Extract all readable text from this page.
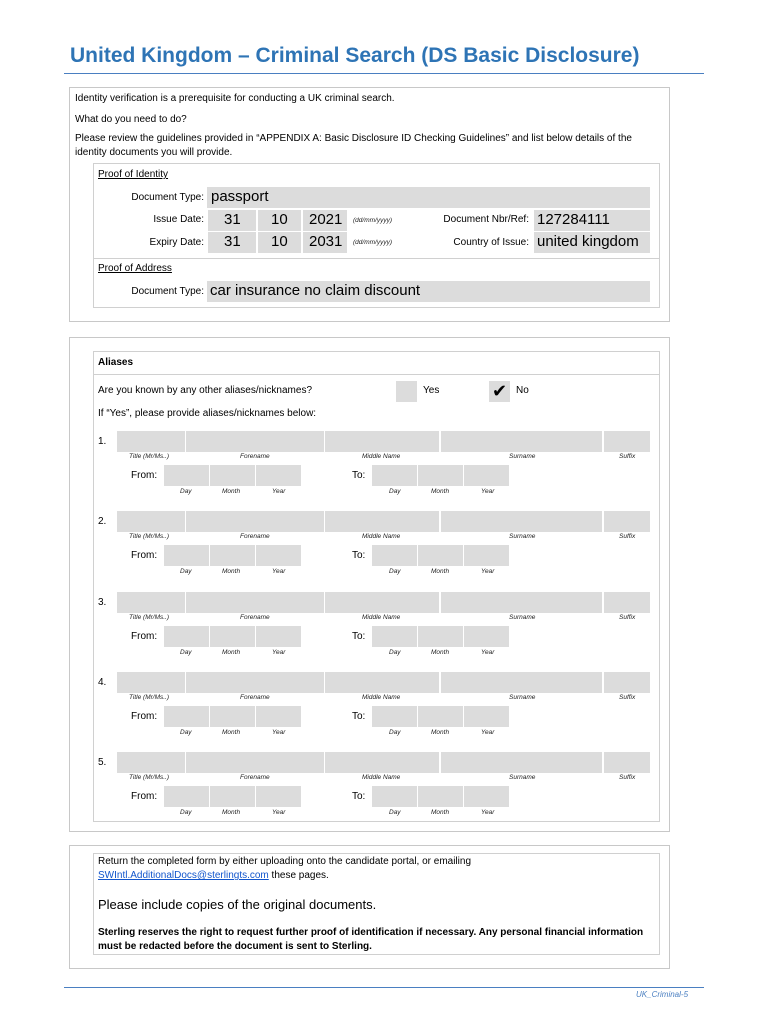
United Kingdom – Criminal Search (DS Basic Disclosure)
Identity verification is a prerequisite for conducting a UK criminal search.
What do you need to do?
Please review the guidelines provided in “APPENDIX A: Basic Disclosure ID Checking Guidelines” and list below details of the
identity documents you will provide.
Proof of Identity
Document Type: passport
Issue Date:	31	10	2021	(dd/mm/yyyy)	Document Nbr/Ref: 127284111
Expiry Date:	31	10	2031	(dd/mm/yyyy)	Country of Issue: united kingdom
Proof of Address
Document Type: car insurance no claim discount
Aliases
Are you known by any other aliases/nicknames?	Yes	✔ No
If “Yes”, please provide aliases/nicknames below:
1.
Title (Mr/Ms..)	Forename	Middle Name	Surname	Suffix
From:	To:
Day	Month	Year	Day	Month	Year
2.
Title (Mr/Ms..)	Forename	Middle Name	Surname	Suffix
From:	To:
Day	Month	Year	Day	Month	Year
3.
Title (Mr/Ms..)	Forename	Middle Name	Surname	Suffix
From:	To:
Day	Month	Year	Day	Month	Year
4.
Title (Mr/Ms..)	Forename	Middle Name	Surname	Suffix
From:	To:
Day	Month	Year	Day	Month	Year
5.
Title (Mr/Ms..)	Forename	Middle Name	Surname	Suffix
From:	To:
Day	Month	Year	Day	Month	Year
Return the completed form by either uploading onto the candidate portal, or emailing
SWIntl.AdditionalDocs@sterlingts.com these pages.
Please include copies of the original documents.
Sterling reserves the right to request further proof of identification if necessary. Any personal financial information
must be redacted before the document is sent to Sterling.
UK_Criminal-5
